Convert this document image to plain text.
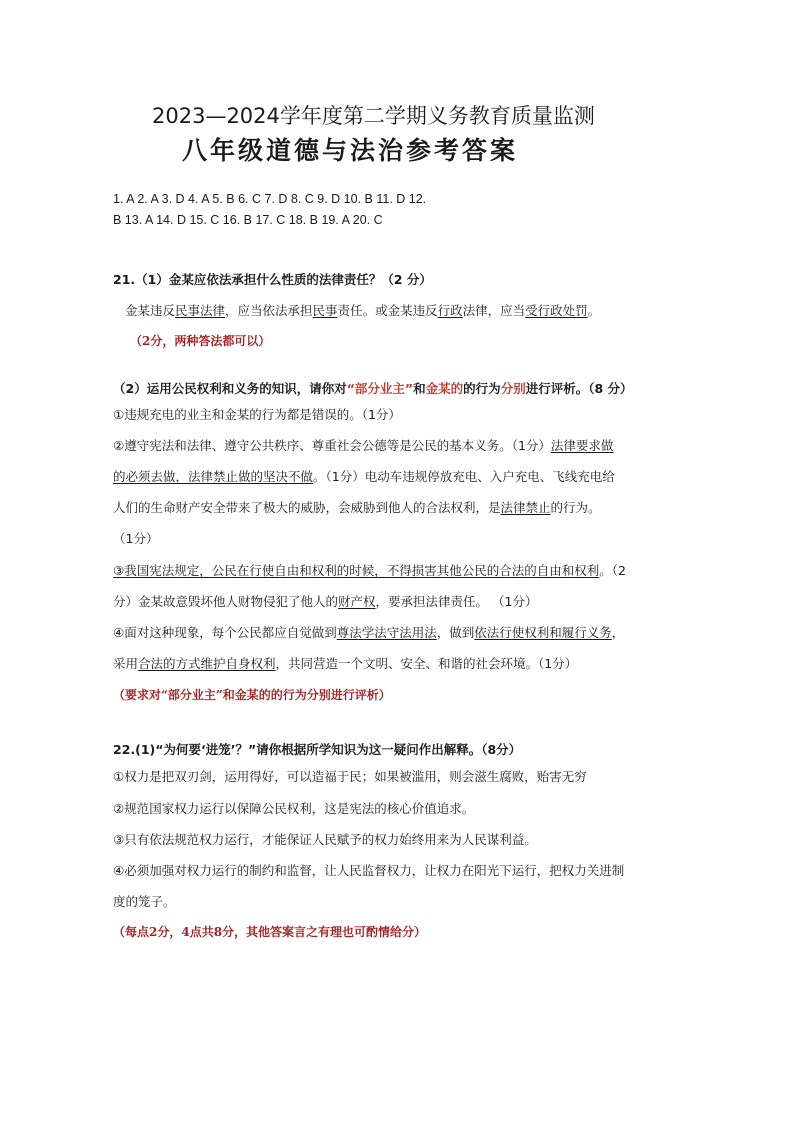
2023—2024学年度第二学期义务教育质量监测
八年级道德与法治参考答案
1. A 2. A 3. D 4. A 5. B 6. C 7. D 8. C 9. D 10. B 11. D 12.
B 13. A 14. D 15. C 16. B 17. C 18. B 19. A 20. C
21.（1）金某应依法承担什么性质的法律责任？（2 分）
金某违反民事法律，应当依法承担民事责任。或金某违反行政法律，应当受行政处罚。
（2分，两种答法都可以）
（2）运用公民权利和义务的知识，请你对“部分业主”和金某的的行为分别进行评析。（8 分）
①违规充电的业主和金某的行为都是错误的。（1分）
②遵守宪法和法律、遵守公共秩序、尊重社会公德等是公民的基本义务。（1分）法律要求做
的必须去做，法律禁止做的坚决不做。（1分）电动车违规停放充电、入户充电、飞线充电给
人们的生命财产安全带来了极大的威胁，会威胁到他人的合法权利，是法律禁止的行为。
（1分）
③我国宪法规定，公民在行使自由和权利的时候，不得损害其他公民的合法的自由和权利。（2
分）金某故意毁坏他人财物侵犯了他人的财产权，要承担法律责任。 （1分）
④面对这种现象，每个公民都应自觉做到尊法学法守法用法，做到依法行使权利和履行义务，
采用合法的方式维护自身权利，共同营造一个文明、安全、和谐的社会环境。（1分）
（要求对“部分业主”和金某的的行为分别进行评析）
22.(1)“为何要‘进笼’？”请你根据所学知识为这一疑问作出解释。（8分）
①权力是把双刃剑，运用得好，可以造福于民；如果被滥用，则会滋生腐败，贻害无穷
②规范国家权力运行以保障公民权利，这是宪法的核心价值追求。
③只有依法规范权力运行，才能保证人民赋予的权力始终用来为人民谋利益。
④必须加强对权力运行的制约和监督，让人民监督权力，让权力在阳光下运行，把权力关进制
度的笼子。
（每点2分，4点共8分，其他答案言之有理也可酌情给分）
